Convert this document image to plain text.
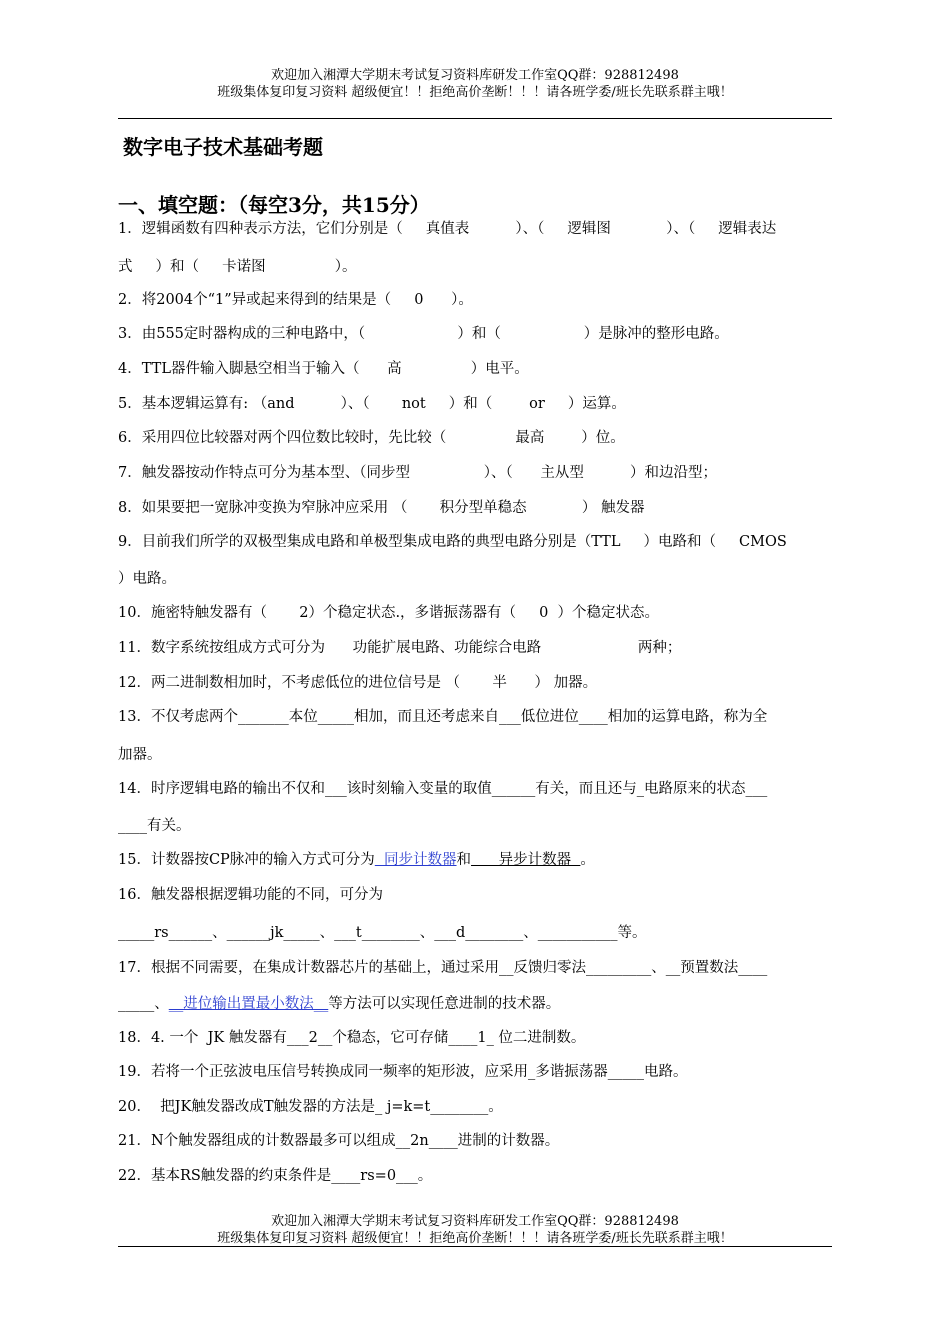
欢迎加入湘潭大学期末考试复习资料库研发工作室QQ群：928812498
班级集体复印复习资料 超级便宜！！拒绝高价垄断！！！请各班学委/班长先联系群主哦！
数字电子技术基础考题
一、填空题：（每空3分，共15分）
1．逻辑函数有四种表示方法，它们分别是（     真值表          ）、（     逻辑图            ）、（     逻辑表达
式     ）和（     卡诺图               ）。
2．将2004个“1”异或起来得到的结果是（     0      ）。
3．由555定时器构成的三种电路中，（                    ）和（                  ）是脉冲的整形电路。
4．TTL器件输入脚悬空相当于输入（      高               ）电平。
5．基本逻辑运算有: （and          ）、（       not     ）和（        or     ）运算。
6．采用四位比较器对两个四位数比较时，先比较（               最高        ）位。
7．触发器按动作特点可分为基本型、（同步型                ）、（      主从型          ）和边沿型；
8．如果要把一宽脉冲变换为窄脉冲应采用 （       积分型单稳态            ） 触发器
9．目前我们所学的双极型集成电路和单极型集成电路的典型电路分别是（TTL     ）电路和（     CMOS
）电路。
10．施密特触发器有（       2）个稳定状态.，多谐振荡器有（     0  ）个稳定状态。
11．数字系统按组成方式可分为      功能扩展电路、功能综合电路                     两种；
12．两二进制数相加时，不考虑低位的进位信号是 （       半      ） 加器。
13．不仅考虑两个_______本位_____相加，而且还考虑来自___低位进位____相加的运算电路，称为全
加器。
14．时序逻辑电路的输出不仅和___该时刻输入变量的取值______有关，而且还与_电路原来的状态___
____有关。
15．计数器按CP脉冲的输入方式可分为  同步计数器和      异步计数器  。
16．触发器根据逻辑功能的不同，可分为
_____rs______、______jk_____、___t________、___d________、___________等。
17．根据不同需要，在集成计数器芯片的基础上，通过采用__反馈归零法_________、__预置数法____
_____、__进位输出置最小数法__等方法可以实现任意进制的技术器。
18．4. 一个  JK 触发器有___2__个稳态，它可存储____1_ 位二进制数。
19．若将一个正弦波电压信号转换成同一频率的矩形波，应采用_多谐振荡器_____电路。
20．  把JK触发器改成T触发器的方法是_ j=k=t________。
21．N个触发器组成的计数器最多可以组成__2n____进制的计数器。
22．基本RS触发器的约束条件是____rs=0___。
欢迎加入湘潭大学期末考试复习资料库研发工作室QQ群：928812498
班级集体复印复习资料 超级便宜！！拒绝高价垄断！！！请各班学委/班长先联系群主哦！
